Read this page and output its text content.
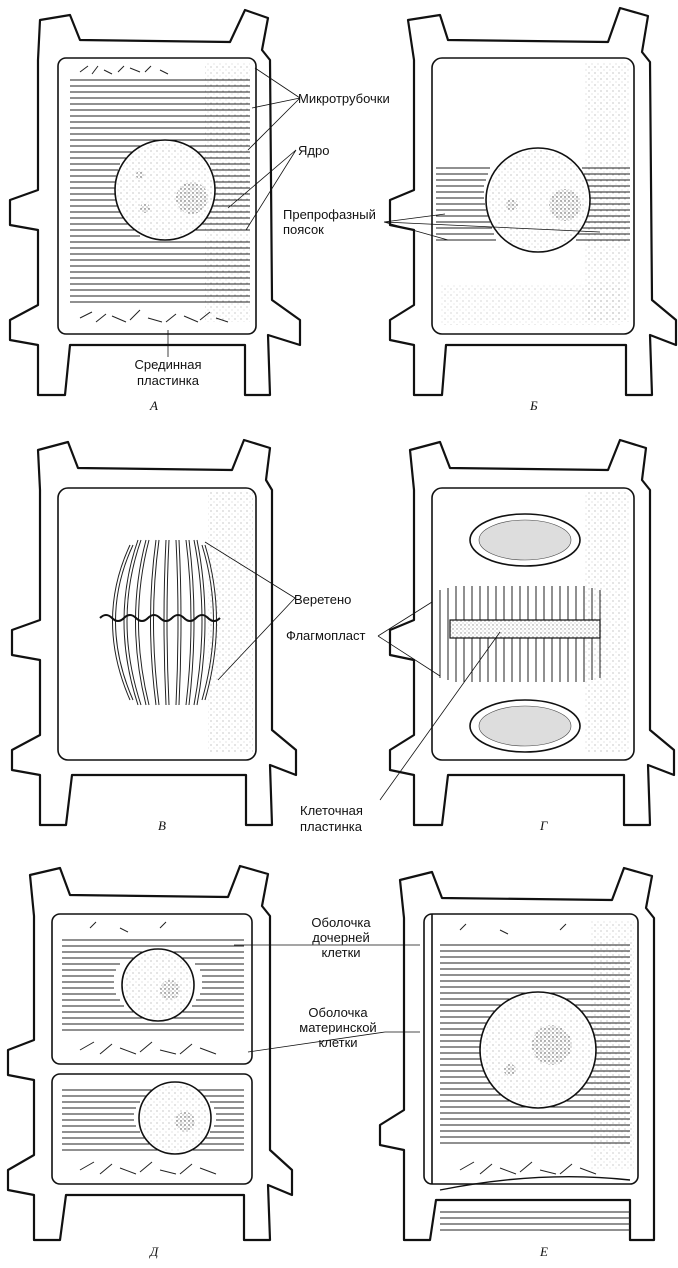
Микротрубочки
Ядро
Препрофазный
поясок
Срединная
пластинка
Веретено
Флагмопласт
Клеточная
пластинка
Оболочка
дочерней
клетки
Оболочка
материнской
клетки
А	Б
В	Г
Д	Е
